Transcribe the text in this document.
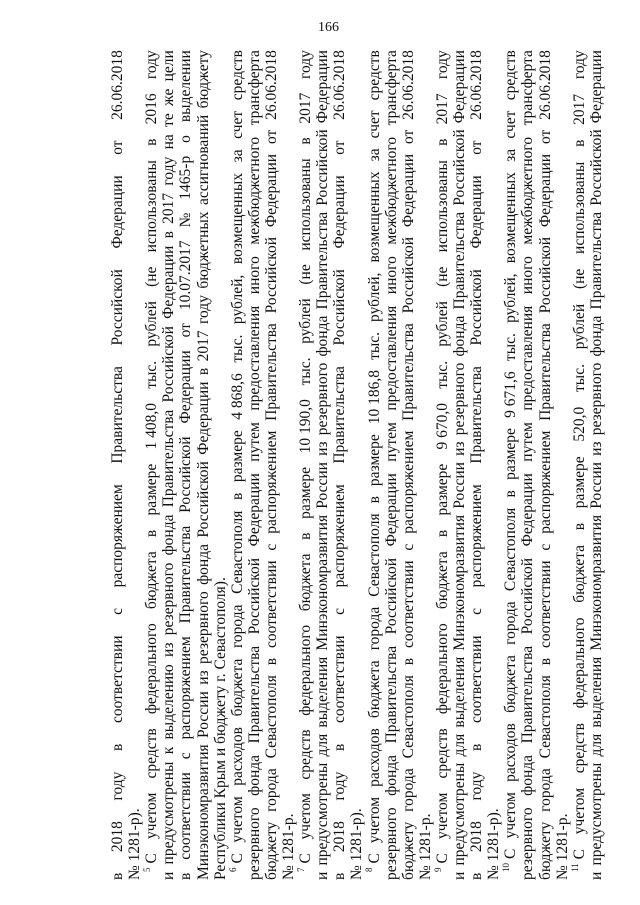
166
в
2018
году
в
соответствии
с
распоряжением
Правительства
Российской
Федерации
от
26.06.2018
№ 1281-р).
$^5$С
учетом
средств
федерального
бюджета
в
размере
1 408,0
тыс.
рублей
(не
использованы
в
2016
году
и
предусмотрены
к
выделению
из
резервного
фонда
Правительства
Российской
Федерации
в
2017
году
на
те
же
цели
в
соответствии
с
распоряжением
Правительства
Российской
Федерации
от
10.07.2017
№
1465-р
о
выделении
Минэкономразвития
России
из
резервного
фонда
Российской
Федерации
в
2017
году
бюджетных
ассигнований
бюджету
Республики Крым и бюджету г. Севастополя).
$^6$С
учетом
расходов
бюджета
города
Севастополя
в
размере
4 868,6
тыс.
рублей,
возмещенных
за
счет
средств
резервного
фонда
Правительства
Российской
Федерации
путем
предоставления
иного
межбюджетного
трансферта
бюджету
города
Севастополя
в
соответствии
с
распоряжением
Правительства
Российской
Федерации
от
26.06.2018
№ 1281-р.
$^7$С
учетом
средств
федерального
бюджета
в
размере
10 190,0
тыс.
рублей
(не
использованы
в
2017
году
и
предусмотрены
для
выделения
Минэкономразвития
России
из
резервного
фонда
Правительства
Российской
Федерации
в
2018
году
в
соответствии
с
распоряжением
Правительства
Российской
Федерации
от
26.06.2018
№ 1281-р).
$^8$С
учетом
расходов
бюджета
города
Севастополя
в
размере
10 186,8
тыс.
рублей,
возмещенных
за
счет
средств
резервного
фонда
Правительства
Российской
Федерации
путем
предоставления
иного
межбюджетного
трансферта
бюджету
города
Севастополя
в
соответствии
с
распоряжением
Правительства
Российской
Федерации
от
26.06.2018
№ 1281-р.
$^9$С
учетом
средств
федерального
бюджета
в
размере
9 670,0
тыс.
рублей
(не
использованы
в
2017
году
и
предусмотрены
для
выделения
Минэкономразвития
России
из
резервного
фонда
Правительства
Российской
Федерации
в
2018
году
в
соответствии
с
распоряжением
Правительства
Российской
Федерации
от
26.06.2018
№ 1281-р).
$^{10}$С
учетом
расходов
бюджета
города
Севастополя
в
размере
9 671,6
тыс.
рублей,
возмещенных
за
счет
средств
резервного
фонда
Правительства
Российской
Федерации
путем
предоставления
иного
межбюджетного
трансферта
бюджету
города
Севастополя
в
соответствии
с
распоряжением
Правительства
Российской
Федерации
от
26.06.2018
№ 1281-р.
$^{11}$С
учетом
средств
федерального
бюджета
в
размере
520,0
тыс.
рублей
(не
использованы
в
2017
году
и
предусмотрены
для
выделения
Минэкономразвития
России
из
резервного
фонда
Правительства
Российской
Федерации
